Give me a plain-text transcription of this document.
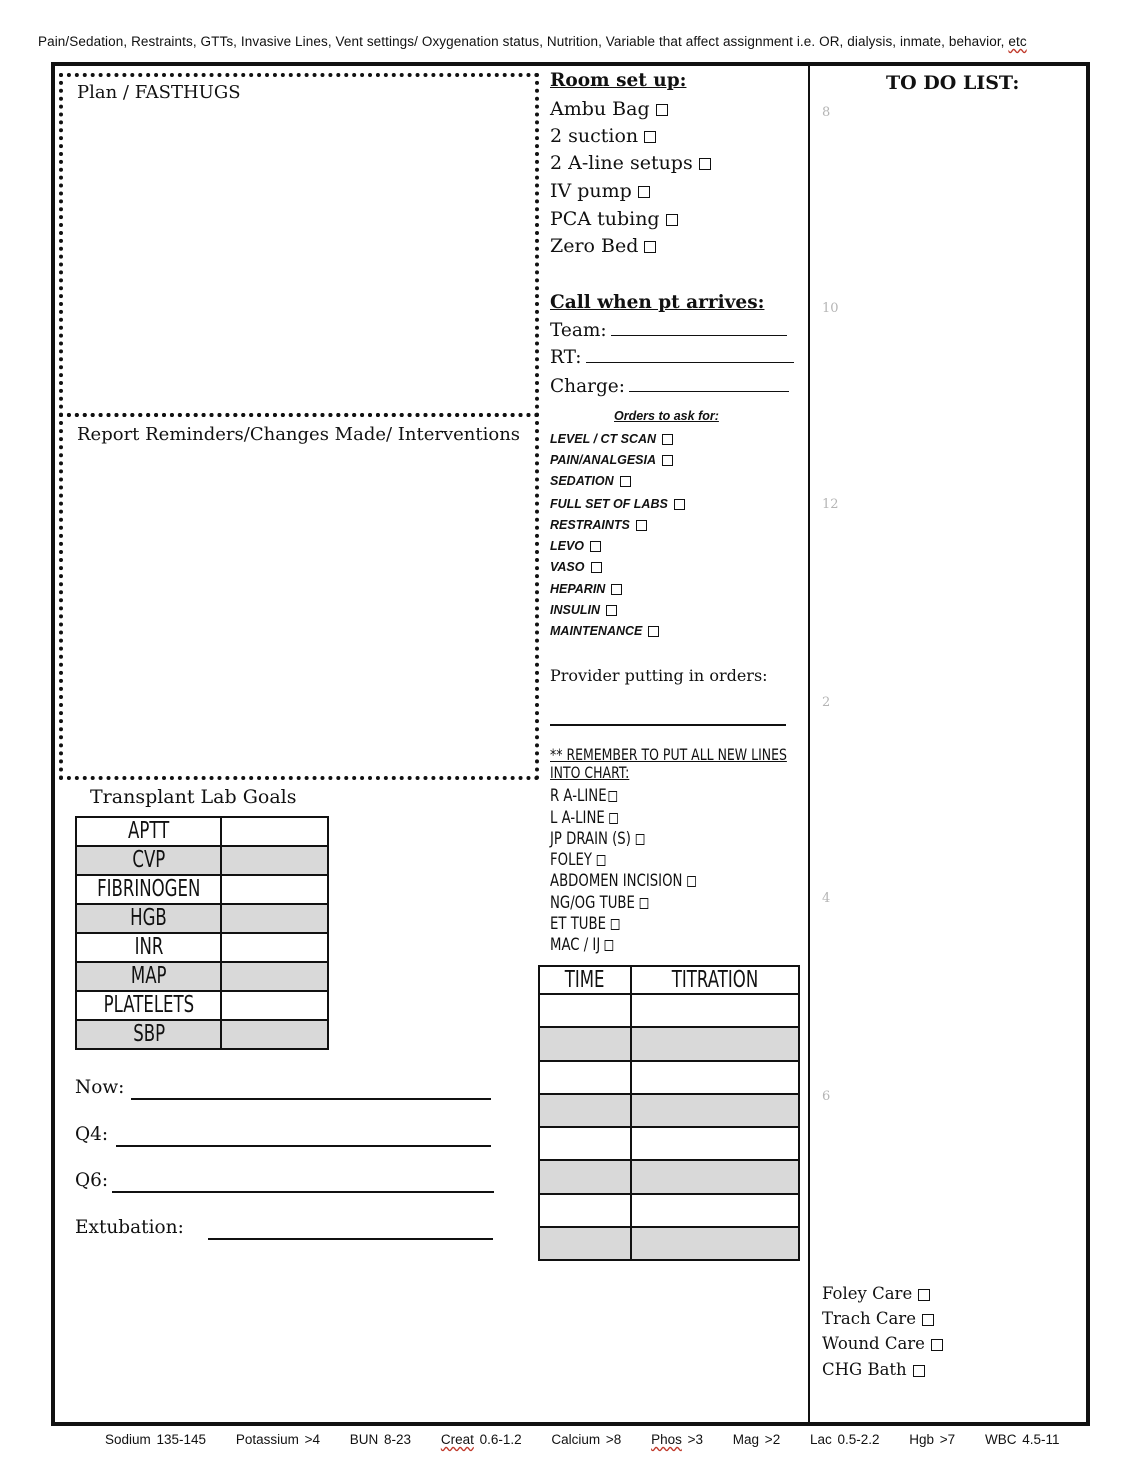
Pain/Sedation, Restraints, GTTs, Invasive Lines, Vent settings/ Oxygenation status, Nutrition, Variable that affect assignment i.e. OR, dialysis, inmate, behavior, etc
Plan / FASTHUGS
Report Reminders/Changes Made/ Interventions
Room set up:
Ambu Bag
2 suction
2 A-line setups
IV pump
PCA tubing
Zero Bed
Call when pt arrives:
Team:
RT:
Charge:
Orders to ask for:
LEVEL / CT SCAN
PAIN/ANALGESIA
SEDATION
FULL SET OF LABS
RESTRAINTS
LEVO
VASO
HEPARIN
INSULIN
MAINTENANCE
Provider putting in orders:
** REMEMBER TO PUT ALL NEW LINES
INTO CHART:
R A-LINE
L A-LINE
JP DRAIN (S)
FOLEY
ABDOMEN INCISION
NG/OG TUBE
ET TUBE
MAC / IJ
Transplant Lab Goals
APTT	
CVP	
FIBRINOGEN	
HGB	
INR	
MAP	
PLATELETS	
SBP	
Now:
Q4:
Q6:
Extubation:
TIME	TITRATION

TO DO LIST:
8
10
12
2
4
6
Foley Care
Trach Care
Wound Care
CHG Bath
Sodium 135-145 Potassium >4 BUN 8-23 Creat 0.6-1.2 Calcium >8 Phos >3 Mag >2 Lac 0.5-2.2 Hgb >7 WBC 4.5-11
